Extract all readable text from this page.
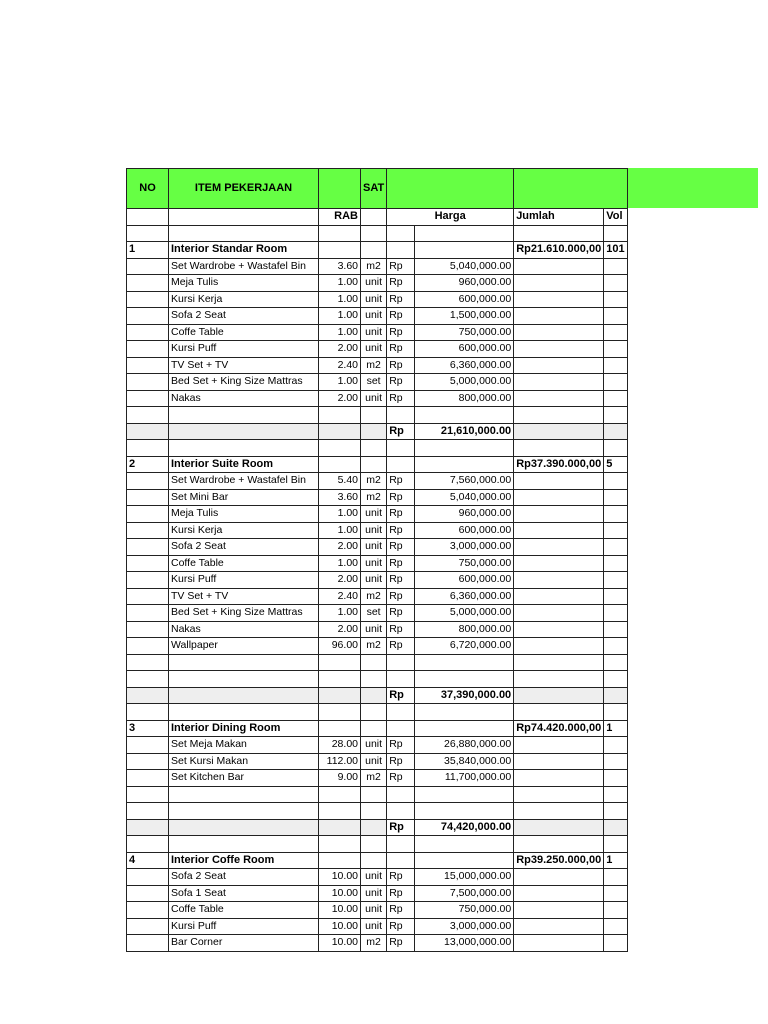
NO	ITEM PEKERJAAN		SAT				
		RAB		Harga		Jumlah	Vol

1	Interior Standar Room					Rp21.610.000,00	101
	Set Wardrobe + Wastafel Bin	3.60	m2	Rp	5,040,000.00		
	Meja Tulis	1.00	unit	Rp	960,000.00		
	Kursi Kerja	1.00	unit	Rp	600,000.00		
	Sofa 2 Seat	1.00	unit	Rp	1,500,000.00		
	Coffe Table	1.00	unit	Rp	750,000.00		
	Kursi Puff	2.00	unit	Rp	600,000.00		
	TV Set + TV	2.40	m2	Rp	6,360,000.00		
	Bed Set + King Size Mattras	1.00	set	Rp	5,000,000.00		
	Nakas	2.00	unit	Rp	800,000.00		

				Rp	21,610,000.00		

2	Interior Suite Room					Rp37.390.000,00	5
	Set Wardrobe + Wastafel Bin	5.40	m2	Rp	7,560,000.00		
	Set Mini Bar	3.60	m2	Rp	5,040,000.00		
	Meja Tulis	1.00	unit	Rp	960,000.00		
	Kursi Kerja	1.00	unit	Rp	600,000.00		
	Sofa 2 Seat	2.00	unit	Rp	3,000,000.00		
	Coffe Table	1.00	unit	Rp	750,000.00		
	Kursi Puff	2.00	unit	Rp	600,000.00		
	TV Set + TV	2.40	m2	Rp	6,360,000.00		
	Bed Set + King Size Mattras	1.00	set	Rp	5,000,000.00		
	Nakas	2.00	unit	Rp	800,000.00		
	Wallpaper	96.00	m2	Rp	6,720,000.00		

				Rp	37,390,000.00		

3	Interior Dining Room					Rp74.420.000,00	1
	Set Meja Makan	28.00	unit	Rp	26,880,000.00		
	Set Kursi Makan	112.00	unit	Rp	35,840,000.00		
	Set Kitchen Bar	9.00	m2	Rp	11,700,000.00		

				Rp	74,420,000.00		

4	Interior Coffe Room					Rp39.250.000,00	1
	Sofa 2 Seat	10.00	unit	Rp	15,000,000.00		
	Sofa 1 Seat	10.00	unit	Rp	7,500,000.00		
	Coffe Table	10.00	unit	Rp	750,000.00		
	Kursi Puff	10.00	unit	Rp	3,000,000.00		
	Bar Corner	10.00	m2	Rp	13,000,000.00		
